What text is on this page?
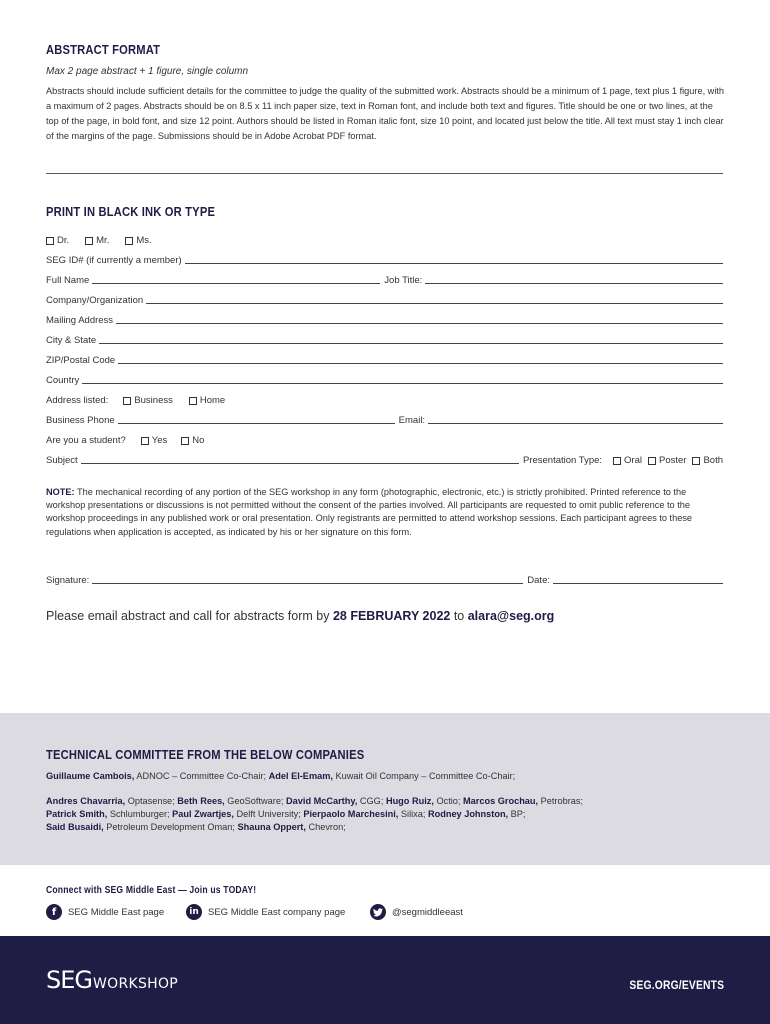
ABSTRACT FORMAT
Max 2 page abstract + 1 figure, single column
Abstracts should include sufficient details for the committee to judge the quality of the submitted work. Abstracts should be a minimum of 1 page, text plus 1 figure, with a maximum of 2 pages. Abstracts should be on 8.5 x 11 inch paper size, text in Roman font, and include both text and figures. Title should be one or two lines, at the top of the page, in bold font, and size 12 point. Authors should be listed in Roman italic font, size 10 point, and located just below the title. All text must stay 1 inch clear of the margins of the page. Submissions should be in Adobe Acrobat PDF format.
PRINT IN BLACK INK OR TYPE
Dr.	Mr.	Ms.
SEG ID# (if currently a member)
Full Name	Job Title:
Company/Organization
Mailing Address
City & State
ZIP/Postal Code
Country
Address listed:	Business	Home
Business Phone	Email:
Are you a student?	Yes	No
Subject	Presentation Type:	Oral Poster Both
NOTE: The mechanical recording of any portion of the SEG workshop in any form (photographic, electronic, etc.) is strictly prohibited. Printed reference to the workshop presentations or discussions is not permitted without the consent of the parties involved. All participants are requested to omit public reference to the workshop proceedings in any published work or oral presentation. Only registrants are permitted to attend workshop sessions. Each participant agrees to these regulations when application is accepted, as indicated by his or her signature on this form.
Signature:	Date:
Please email abstract and call for abstracts form by 28 FEBRUARY 2022 to alara@seg.org
TECHNICAL COMMITTEE FROM THE BELOW COMPANIES
Guillaume Cambois, ADNOC – Committee Co-Chair; Adel El-Emam, Kuwait Oil Company – Committee Co-Chair;
Andres Chavarria, Optasense; Beth Rees, GeoSoftware; David McCarthy, CGG; Hugo Ruiz, Octio; Marcos Grochau, Petrobras;
Patrick Smith, Schlumburger; Paul Zwartjes, Delft University; Pierpaolo Marchesini, Silixa; Rodney Johnston, BP;
Said Busaidi, Petroleum Development Oman; Shauna Oppert, Chevron;
Connect with SEG Middle East — Join us TODAY!
f	SEG Middle East page	in SEG Middle East company page	@segmiddleeast
SEG WORKSHOP	SEG.ORG/EVENTS
